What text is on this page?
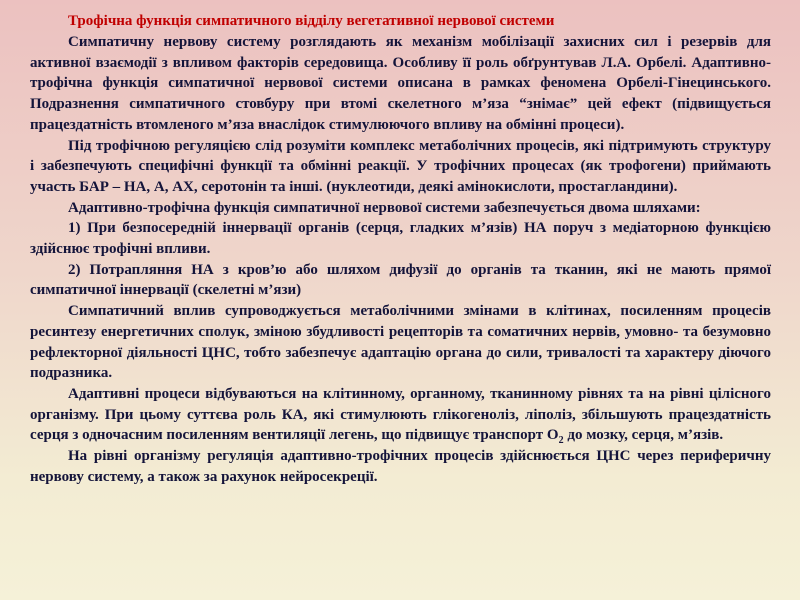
Трофічна функція симпатичного відділу вегетативної нервової системи

Симпатичну нервову систему розглядають як механізм мобілізації захисних сил і резервів для активної взаємодії з впливом факторів середовища. Особливу її роль обґрунтував Л.А. Орбелі. Адаптивно-трофічна функція симпатичної нервової системи описана в рамках феномена Орбелі-Гінецинського. Подразнення симпатичного стовбуру при втомі скелетного м’яза “знімає” цей ефект (підвищується працездатність втомленого м’яза внаслідок стимулюючого впливу на обмінні процеси).

Під трофічною регуляцією слід розуміти комплекс метаболічних процесів, які підтримують структуру і забезпечують специфічні функції та обмінні реакції. У трофічних процесах (як трофогени) приймають участь БАР – НА, А, АХ, серотонін та інші. (нуклеотиди, деякі амінокислоти, простагландини).

Адаптивно-трофічна функція симпатичної нервової системи забезпечується двома шляхами:

1) При безпосередній іннервації органів (серця, гладких м’язів) НА поруч з медіаторною функцією здійснює трофічні впливи.

2) Потрапляння НА з кров’ю або шляхом дифузії до органів та тканин, які не мають прямої симпатичної іннервації (скелетні м’язи)

Симпатичний вплив супроводжується метаболічними змінами в клітинах, посиленням процесів ресинтезу енергетичних сполук, зміною збудливості рецепторів та соматичних нервів, умовно- та безумовно рефлекторної діяльності ЦНС, тобто забезпечує адаптацію органа до сили, тривалості та характеру діючого подразника.

Адаптивні процеси відбуваються на клітинному, органному, тканинному рівнях та на рівні цілісного організму. При цьому суттєва роль КА, які стимулюють глікогеноліз, ліполіз, збільшують працездатність серця з одночасним посиленням вентиляції легень, що підвищує транспорт $О_2$ до мозку, серця, м’язів.

На рівні організму регуляція адаптивно-трофічних процесів здійснюється ЦНС через периферичну нервову систему, а також за рахунок нейросекреції.
